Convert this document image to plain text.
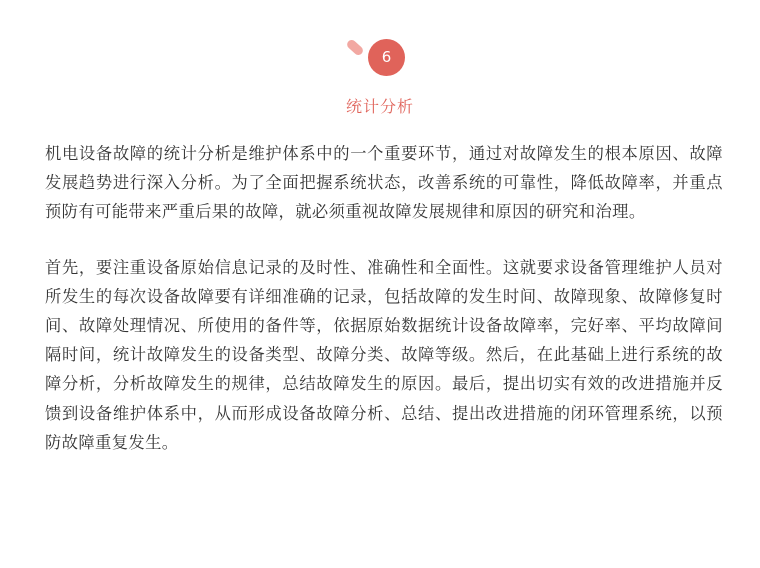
6
统计分析

机电设备故障的统计分析是维护体系中的一个重要环节，通过对故障发生的根本原因、故障发展趋势进行深入分析。为了全面把握系统状态，改善系统的可靠性，降低故障率，并重点预防有可能带来严重后果的故障，就必须重视故障发展规律和原因的研究和治理。

首先，要注重设备原始信息记录的及时性、准确性和全面性。这就要求设备管理维护人员对所发生的每次设备故障要有详细准确的记录，包括故障的发生时间、故障现象、故障修复时间、故障处理情况、所使用的备件等，依据原始数据统计设备故障率，完好率、平均故障间隔时间，统计故障发生的设备类型、故障分类、故障等级。然后，在此基础上进行系统的故障分析，分析故障发生的规律，总结故障发生的原因。最后，提出切实有效的改进措施并反馈到设备维护体系中，从而形成设备故障分析、总结、提出改进措施的闭环管理系统，以预防故障重复发生。
